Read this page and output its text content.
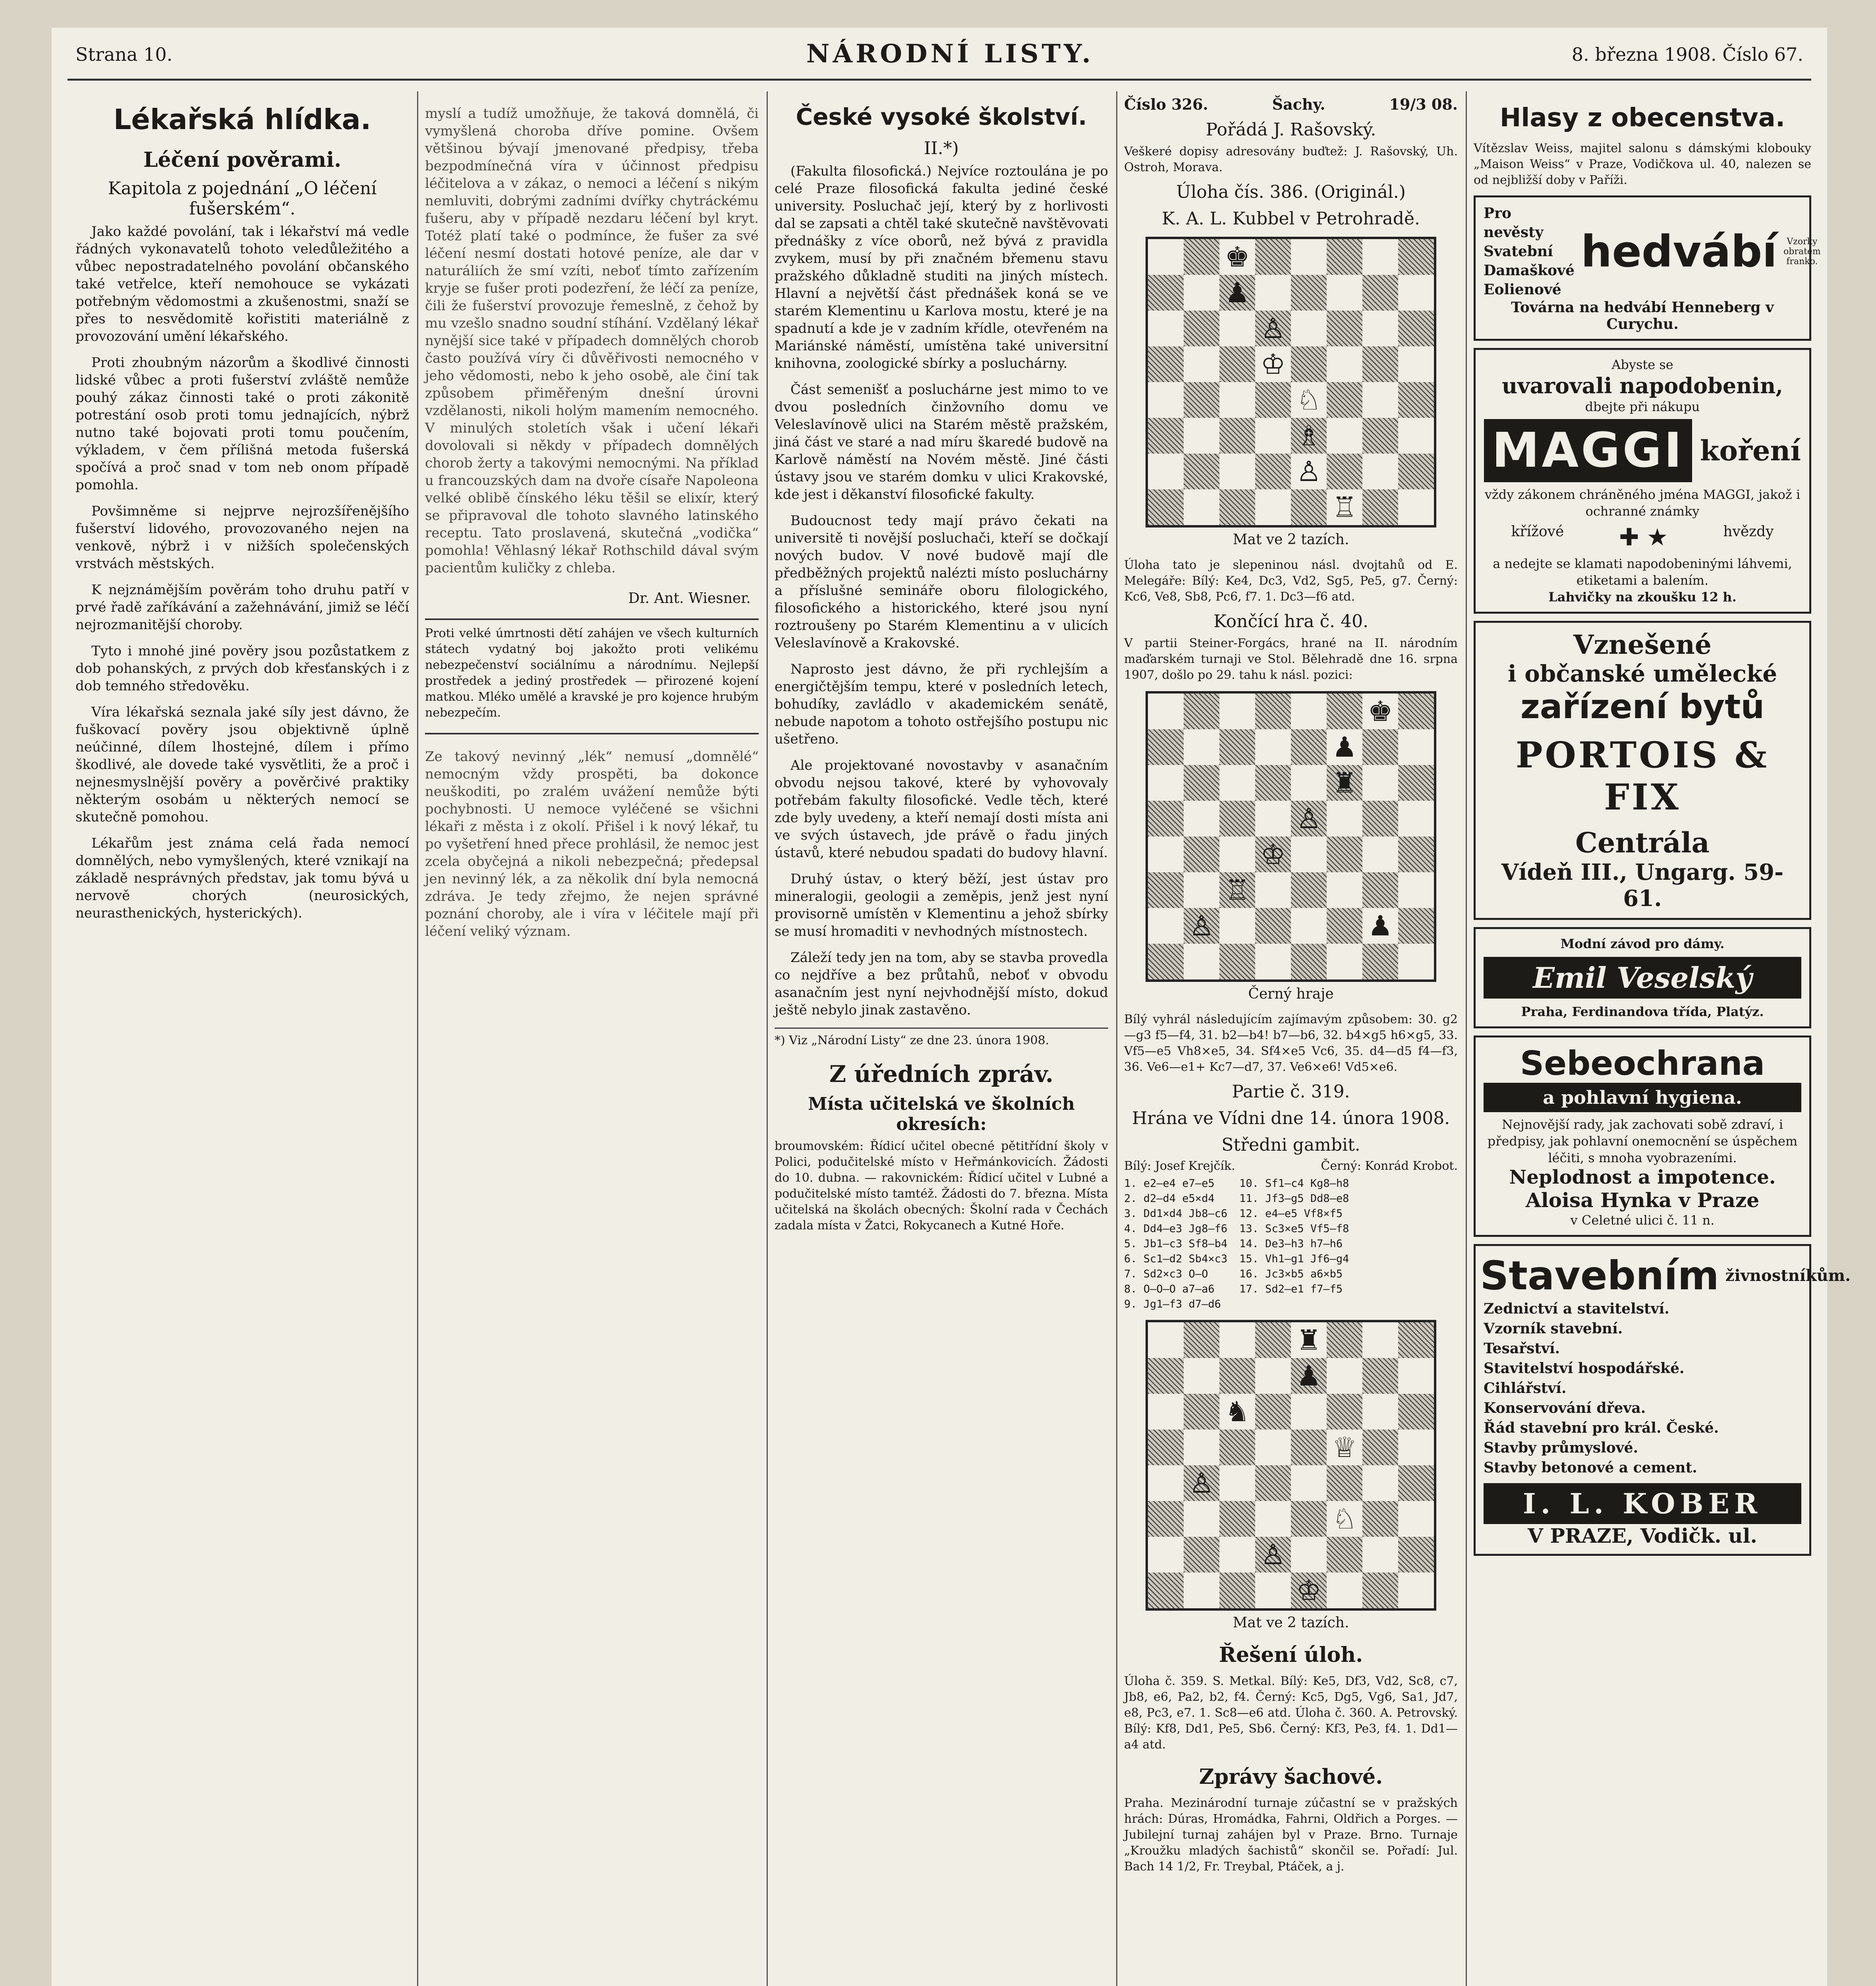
Strana 10.	NÁRODNÍ LISTY.	8. března 1908. Číslo 67.
Lékařská hlídka.
Léčení pověrami.
Kapitola z pojednání „O léčení fušerském“.

Jako každé povolání, tak i lékařství má vedle řádných vykonavatelů tohoto veledůležitého a vůbec nepostradatelného povolání občanského také vetřelce, kteří nemohouce se vykázati potřebným vědomostmi a zkušenostmi, snaží se přes to nesvědomitě kořistiti materiálně z provozování umění lékařského.

Proti zhoubným názorům a škodlivé činnosti lidské vůbec a proti fušerství zvláště nemůže pouhý zákaz činnosti také o proti zákonitě potrestání osob proti tomu jednajících, nýbrž nutno také bojovati proti tomu poučením, výkladem, v čem přílišná metoda fušerská spočívá a proč snad v tom neb onom případě pomohla.

Povšimněme si nejprve nejrozšířenějšího fušerství lidového, provozovaného nejen na venkově, nýbrž i v nižších společenských vrstvách městských.

K nejznámějším pověrám toho druhu patří v prvé řadě zaříkávání a zažehnávání, jimiž se léčí nejrozmanitější choroby.

Tyto i mnohé jiné pověry jsou pozůstatkem z dob pohanských, z prvých dob křesťanských i z dob temného středověku.

Víra lékařská seznala jaké síly jest dávno, že fuškovací pověry jsou objektivně úplně neúčinné, dílem lhostejné, dílem i přímo škodlivé, ale dovede také vysvětliti, že a proč i nejnesmyslnější pověry a pověrčivé praktiky některým osobám u některých nemocí se skutečně pomohou.

Lékařům jest známa celá řada nemocí domnělých, nebo vymyšlených, které vznikají na základě nesprávných představ, jak tomu bývá u nervově chorých (neurosických, neurasthenických, hysterických).

myslí a tudíž umožňuje, že taková domnělá, či vymyšlená choroba dříve pomine. Ovšem většinou bývají jmenované předpisy, třeba bezpodmínečná víra v účinnost předpisu léčitelova a v zákaz, o nemoci a léčení s nikým nemluviti, dobrými zadními dvířky chytráckému fušeru, aby v případě nezdaru léčení byl kryt. Totéž platí také o podmínce, že fušer za své léčení nesmí dostati hotové peníze, ale dar v naturáliích že smí vzíti, neboť tímto zařízením kryje se fušer proti podezření, že léčí za peníze, čili že fušerství provozuje řemeslně, z čehož by mu vzešlo snadno soudní stíhání. Vzdělaný lékař nynější sice také v případech domnělých chorob často používá víry či důvěřivosti nemocného v jeho vědomosti, nebo k jeho osobě, ale činí tak způsobem přiměřeným dnešní úrovni vzdělanosti, nikoli holým mamením nemocného. V minulých stoletích však i učení lékaři dovolovali si někdy v případech domnělých chorob žerty a takovými nemocnými. Na příklad u francouzských dam na dvoře císaře Napoleona velké oblibě čínského léku těšil se elixír, který se připravoval dle tohoto slavného latinského receptu. Tato proslavená, skutečná „vodička“ pomohla! Věhlasný lékař Rothschild dával svým pacientům kuličky z chleba.

Dr. Ant. Wiesner.

Proti velké úmrtnosti dětí zahájen ve všech kulturních státech vydatný boj jakožto proti velikému nebezpečenství sociálnímu a národnímu. Nejlepší prostředek a jediný prostředek — přirozené kojení matkou. Mléko umělé a kravské je pro kojence hrubým nebezpečím.

Ze takový nevinný „lék“ nemusí „domnělé“ nemocným vždy prospěti, ba dokonce neuškoditi, po zralém uvážení nemůže býti pochybnosti. U nemoce vyléčené se všichni lékaři z města i z okolí. Přišel i k nový lékař, tu po vyšetření hned přece prohlásil, že nemoc jest zcela obyčejná a nikoli nebezpečná; předepsal jen nevinný lék, a za několik dní byla nemocná zdráva. Je tedy zřejmo, že nejen správné poznání choroby, ale i víra v léčitele mají při léčení veliký význam.

České vysoké školství.
II.*)

(Fakulta filosofická.) Nejvíce roztoulána je po celé Praze filosofická fakulta jediné české university. Posluchač její, který by z horlivosti dal se zapsati a chtěl také skutečně navštěvovati přednášky z více oborů, než bývá z pravidla zvykem, musí by při značném břemenu stavu pražského důkladně studiti na jiných místech. Hlavní a největší část přednášek koná se ve starém Klementinu u Karlova mostu, které je na spadnutí a kde je v zadním křídle, otevřeném na Mariánské náměstí, umístěna také universitní knihovna, zoologické sbírky a posluchárny.

Část semenišť a posluchárne jest mimo to ve dvou posledních činžovního domu ve Veleslavínově ulici na Starém městě pražském, jiná část ve staré a nad míru škaredé budově na Karlově náměstí na Novém městě. Jiné části ústavy jsou ve starém domku v ulici Krakovské, kde jest i děkanství filosofické fakulty.

Budoucnost tedy mají právo čekati na universitě ti novější posluchači, kteří se dočkají nových budov. V nové budově mají dle předběžných projektů nalézti místo posluchárny a příslušné semináře oboru filologického, filosofického a historického, které jsou nyní roztroušeny po Starém Klementinu a v ulicích Veleslavínově a Krakovské.

Naprosto jest dávno, že při rychlejším a energičtějším tempu, které v posledních letech, bohudíky, zavládlo v akademickém senátě, nebude napotom a tohoto ostřejšího postupu nic ušetřeno.

Ale projektované novostavby v asanačním obvodu nejsou takové, které by vyhovovaly potřebám fakulty filosofické. Vedle těch, které zde byly uvedeny, a kteří nemají dosti místa ani ve svých ústavech, jde právě o řadu jiných ústavů, které nebudou spadati do budovy hlavní.

Druhý ústav, o který běží, jest ústav pro mineralogii, geologii a zeměpis, jenž jest nyní provisorně umístěn v Klementinu a jehož sbírky se musí hromaditi v nevhodných místnostech.

Záleží tedy jen na tom, aby se stavba provedla co nejdříve a bez průtahů, neboť v obvodu asanačním jest nyní nejvhodnější místo, dokud ještě nebylo jinak zastavěno.

*) Viz „Národní Listy“ ze dne 23. února 1908.

Z úředních zpráv.
Místa učitelská ve školních okresích:

broumovském: Řídicí učitel obecné pětitřídní školy v Polici, podučitelské místo v Heřmánkovicích. Žádosti do 10. dubna. — rakovnickém: Řídicí učitel v Lubné a podučitelské místo tamtéž. Žádosti do 7. března. Místa učitelská na školách obecných: Školní rada v Čechách zadala místa v Žatci, Rokycanech a Kutné Hoře.

Číslo 326.	Šachy.	19/3 08.
Pořádá J. Rašovský.

Veškeré dopisy adresovány buďtež: J. Rašovský, Uh. Ostroh, Morava.

Úloha čís. 386. (Originál.)
K. A. L. Kubbel v Petrohradě.
♚
♟
♙
♔
♘
♗
♙
♖
Mat ve 2 tazích.

Úloha tato je slepeninou násl. dvojtahů od E. Melegáře: Bílý: Ke4, Dc3, Vd2, Sg5, Pe5, g7. Černý: Kc6, Ve8, Sb8, Pc6, f7. 1. Dc3—f6 atd.

Končící hra č. 40.

V partii Steiner-Forgács, hrané na II. národním maďarském turnaji ve Stol. Bělehradě dne 16. srpna 1907, došlo po 29. tahu k násl. pozici:

♚
♟
♜
♙
♔
♖
♙	♟
Černý hraje

Bílý vyhrál následujícím zajímavým způsobem: 30. g2—g3 f5—f4, 31. b2—b4! b7—b6, 32. b4×g5 h6×g5, 33. Vf5—e5 Vh8×e5, 34. Sf4×e5 Vc6, 35. d4—d5 f4—f3, 36. Ve6—e1+ Kc7—d7, 37. Ve6×e6! Vd5×e6.

Partie č. 319.
Hrána ve Vídni dne 14. února 1908.
Středni gambit.
Bílý: Josef Krejčík.	Černý: Konrád Krobot.
1. e2—e4 e7—e5
2. d2—d4 e5×d4
3. Dd1×d4 Jb8—c6
4. Dd4—e3 Jg8—f6
5. Jb1—c3 Sf8—b4
6. Sc1—d2 Sb4×c3
7. Sd2×c3 O—O
8. O—O—O a7—a6
9. Jg1—f3 d7—d6
10. Sf1—c4 Kg8—h8
11. Jf3—g5 Dd8—e8
12. e4—e5 Vf8×f5
13. Sc3×e5 Vf5—f8
14. De3—h3 h7—h6
15. Vh1—g1 Jf6—g4
16. Jc3×b5 a6×b5
17. Sd2—e1 f7—f5
♜
♟
♞
♕
♙
♘
♙
♔
Mat ve 2 tazích.
Řešení úloh.

Úloha č. 359. S. Metkal. Bílý: Ke5, Df3, Vd2, Sc8, c7, Jb8, e6, Pa2, b2, f4. Černý: Kc5, Dg5, Vg6, Sa1, Jd7, e8, Pc3, e7. 1. Sc8—e6 atd. Úloha č. 360. A. Petrovský. Bílý: Kf8, Dd1, Pe5, Sb6. Černý: Kf3, Pe3, f4. 1. Dd1—a4 atd.

Zprávy šachové.

Praha. Mezinárodní turnaje zúčastní se v pražských hrách: Dúras, Hromádka, Fahrni, Oldřich a Porges. — Jubilejní turnaj zahájen byl v Praze. Brno. Turnaje „Kroužku mladých šachistů“ skončil se. Pořadí: Jul. Bach 14 1/2, Fr. Treybal, Ptáček, a j.

Hlasy z obecenstva.

Vítězslav Weiss, majitel salonu s dámskými klobouky „Maison Weiss“ v Praze, Vodičkova ul. 40, nalezen se od nejbližší doby v Paříži.

Pro nevěsty
Svatební
Damaškové
Eolienové
hedvábí	Vzorky obratem franko.
Továrna na hedvábí Henneberg v Curychu.
Abyste se
uvarovali napodobenin,
dbejte při nákupu
MAGGI koření
vždy zákonem chráněného jména MAGGI, jakož i ochranné známky
křížové ✚ ★	hvězdy
a nedejte se klamati napodobeninými láhvemi, etiketami a balením.
Lahvičky na zkoušku 12 h.
Vznešené
i občanské umělecké
zařízení bytů
PORTOIS & FIX
Centrála
Vídeň III., Ungarg. 59-61.
Modní závod pro dámy.
Emil Veselský
Praha, Ferdinandova třída, Platýz.
Sebeochrana
a pohlavní hygiena.
Nejnovější rady, jak zachovati sobě zdraví, i předpisy, jak pohlavní onemocnění se úspěchem léčiti, s mnoha vyobrazeními.
Neplodnost a impotence.
Aloisa Hynka v Praze
v Celetné ulici č. 11 n.
Stavebním živnostníkům.
Zednictví a stavitelství.
Vzorník stavební.
Tesařství.
Stavitelství hospodářské.
Cihlářství.
Konservování dřeva.
Řád stavební pro král. České.
Stavby průmyslové.
Stavby betonové a cement.
I. L. KOBER
V PRAZE, Vodičk. ul.
